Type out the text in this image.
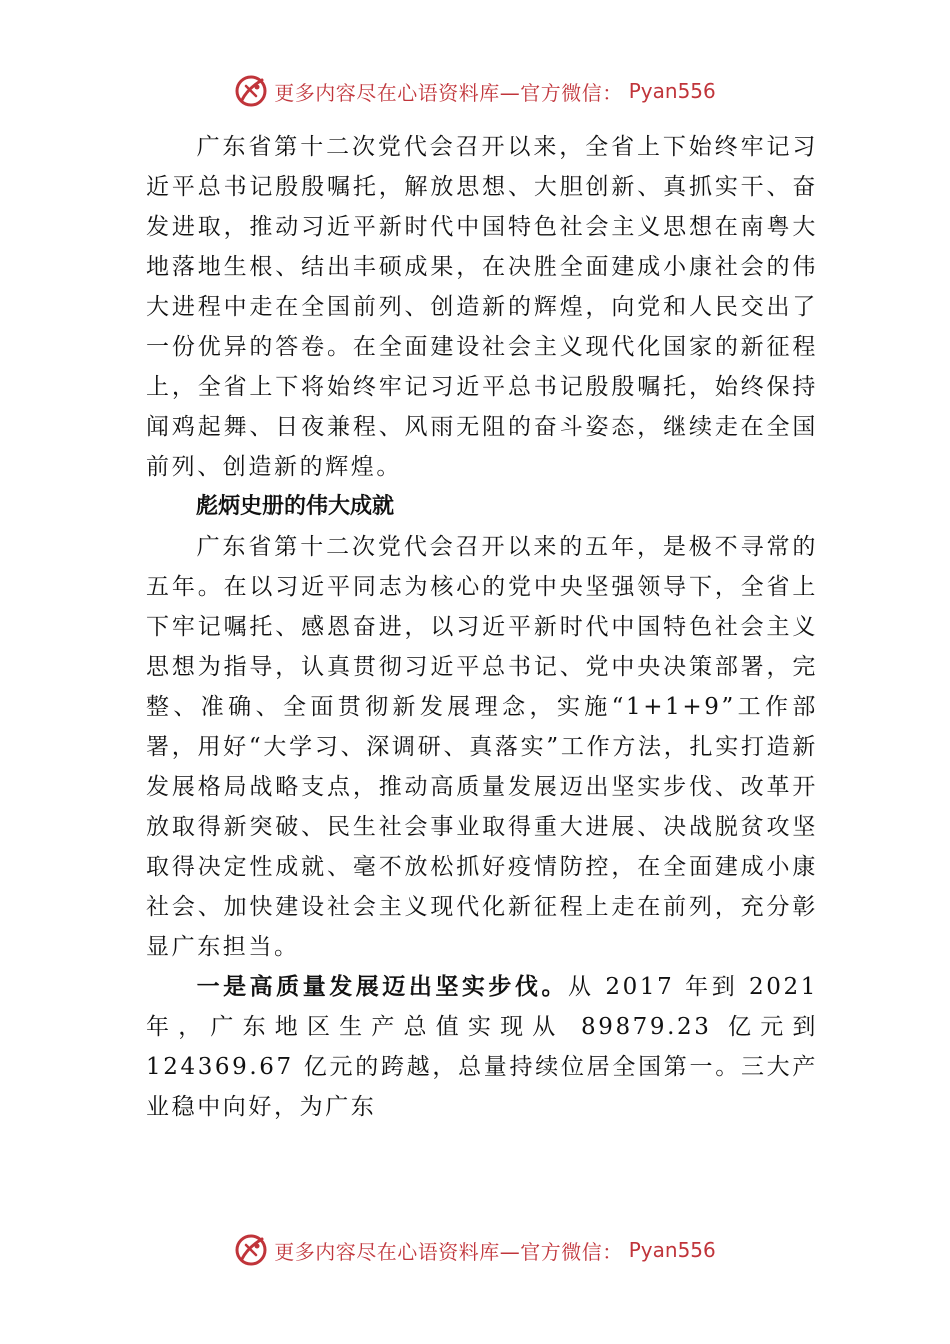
更多内容尽在心语资料库—官方微信： Pyan556

广东省第十二次党代会召开以来，全省上下始终牢记习近平总书记殷殷嘱托，解放思想、大胆创新、真抓实干、奋发进取，推动习近平新时代中国特色社会主义思想在南粤大地落地生根、结出丰硕成果，在决胜全面建成小康社会的伟大进程中走在全国前列、创造新的辉煌，向党和人民交出了一份优异的答卷。在全面建设社会主义现代化国家的新征程上，全省上下将始终牢记习近平总书记殷殷嘱托，始终保持闻鸡起舞、日夜兼程、风雨无阻的奋斗姿态，继续走在全国前列、创造新的辉煌。

彪炳史册的伟大成就

广东省第十二次党代会召开以来的五年，是极不寻常的五年。在以习近平同志为核心的党中央坚强领导下，全省上下牢记嘱托、感恩奋进，以习近平新时代中国特色社会主义思想为指导，认真贯彻习近平总书记、党中央决策部署，完整、准确、全面贯彻新发展理念，实施“1+1+9”工作部署，用好“大学习、深调研、真落实”工作方法，扎实打造新发展格局战略支点，推动高质量发展迈出坚实步伐、改革开放取得新突破、民生社会事业取得重大进展、决战脱贫攻坚取得决定性成就、毫不放松抓好疫情防控，在全面建成小康社会、加快建设社会主义现代化新征程上走在前列，充分彰显广东担当。

一是高质量发展迈出坚实步伐。从 2017 年到 2021 年，广东地区生产总值实现从 89879.23 亿元到 124369.67 亿元的跨越，总量持续位居全国第一。三大产业稳中向好，为广东

更多内容尽在心语资料库—官方微信： Pyan556
